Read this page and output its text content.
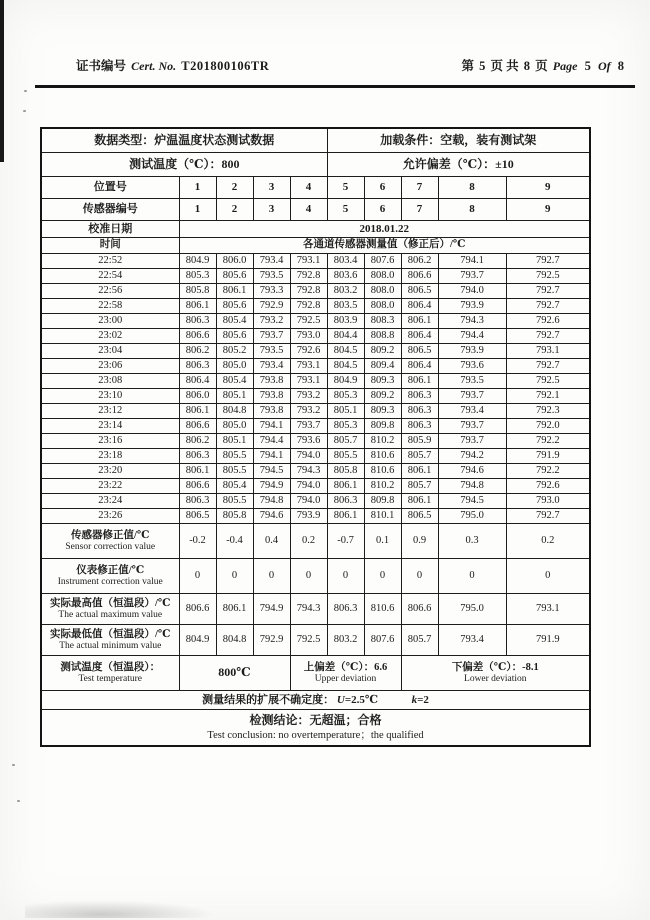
证书编号 Cert. No. T201800106TR	第 5 页 共 8 页 Page 5 Of 8
数据类型：炉温温度状态测试数据					加载条件：空载，装有测试架				
测试温度（℃）：800					允许偏差（℃）：±10				
位置号	1	2	3	4	5	6	7	8	9
传感器编号	1	2	3	4	5	6	7	8	9
校准日期	2018.01.22								
时间	各通道传感器测量值（修正后）/℃								
22:52	804.9	806.0	793.4	793.1	803.4	807.6	806.2	794.1	792.7
22:54	805.3	805.6	793.5	792.8	803.6	808.0	806.6	793.7	792.5
22:56	805.8	806.1	793.3	792.8	803.2	808.0	806.5	794.0	792.7
22:58	806.1	805.6	792.9	792.8	803.5	808.0	806.4	793.9	792.7
23:00	806.3	805.4	793.2	792.5	803.9	808.3	806.1	794.3	792.6
23:02	806.6	805.6	793.7	793.0	804.4	808.8	806.4	794.4	792.7
23:04	806.2	805.2	793.5	792.6	804.5	809.2	806.5	793.9	793.1
23:06	806.3	805.0	793.4	793.1	804.5	809.4	806.4	793.6	792.7
23:08	806.4	805.4	793.8	793.1	804.9	809.3	806.1	793.5	792.5
23:10	806.0	805.1	793.8	793.2	805.3	809.2	806.3	793.7	792.1
23:12	806.1	804.8	793.8	793.2	805.1	809.3	806.3	793.4	792.3
23:14	806.6	805.0	794.1	793.7	805.3	809.8	806.3	793.7	792.0
23:16	806.2	805.1	794.4	793.6	805.7	810.2	805.9	793.7	792.2
23:18	806.3	805.5	794.1	794.0	805.5	810.6	805.7	794.2	791.9
23:20	806.1	805.5	794.5	794.3	805.8	810.6	806.1	794.6	792.2
23:22	806.6	805.4	794.9	794.0	806.1	810.2	805.7	794.8	792.6
23:24	806.3	805.5	794.8	794.0	806.3	809.8	806.1	794.5	793.0
23:26	806.5	805.8	794.6	793.9	806.1	810.1	806.5	795.0	792.7

传感器修正值/℃
Sensor correction value	-0.2	-0.4	0.4	0.2	-0.7	0.1	0.9	0.3	0.2

仪表修正值/℃
Instrument correction value	0	0	0	0	0	0	0	0	0

实际最高值（恒温段）/℃
The actual maximum value	806.6	806.1	794.9	794.3	806.3	810.6	806.6	795.0	793.1

实际最低值（恒温段）/℃
The actual minimum value	804.9	804.8	792.9	792.5	803.2	807.6	805.7	793.4	791.9

测试温度（恒温段）：
Test temperature	800℃	上偏差（℃）：6.6
Upper deviation

下偏差（℃）：-8.1
Lower deviation

测量结果的扩展不确定度： U=2.5℃ k=2									

检测结论：无超温；合格
Test conclusion: no overtemperature；the qualified									
